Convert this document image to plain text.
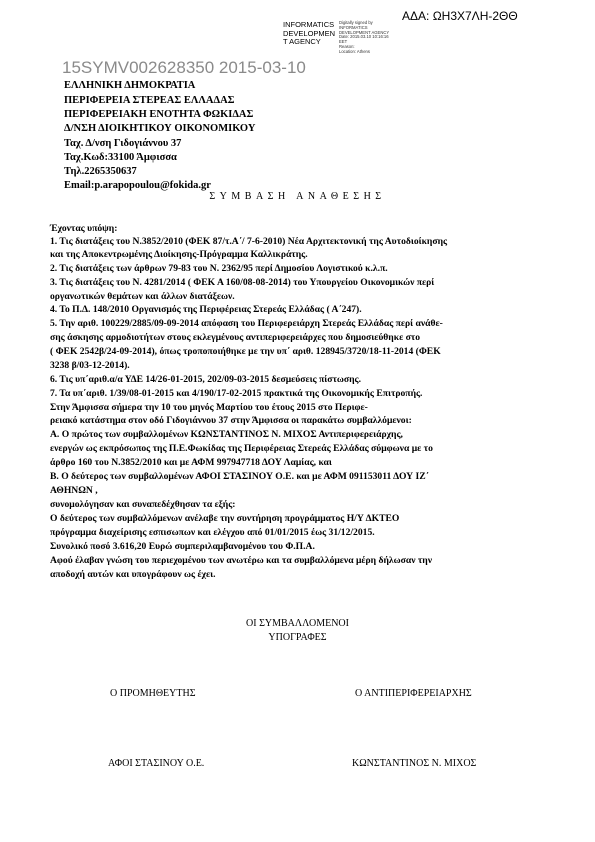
ΑΔΑ: ΩΗ3Χ7ΛΗ-2ΘΘ
INFORMATICS
DEVELOPMEN
T AGENCY
Digitally signed by
INFORMATICS
DEVELOPMENT AGENCY
Date: 2015.03.10 10:16:16
EET
Reason:
Location: Athens
15SYMV002628350 2015-03-10
ΕΛΛΗΝΙΚΗ ΔΗΜΟΚΡΑΤΙΑ
ΠΕΡΙΦΕΡΕΙΑ ΣΤΕΡΕΑΣ ΕΛΛΑΔΑΣ
ΠΕΡΙΦΕΡΕΙΑΚΗ ΕΝΟΤΗΤΑ ΦΩΚΙΔΑΣ
Δ/ΝΣΗ ΔΙΟΙΚΗΤΙΚΟΥ ΟΙΚΟΝΟΜΙΚΟΥ
Ταχ. Δ/νση Γιδογιάννου 37
Ταχ.Κωδ:33100 Άμφισσα
Τηλ.2265350637
Email:p.arapopoulou@fokida.gr
ΣΥΜΒΑΣΗ ΑΝΑΘΕΣΗΣ
Έχοντας υπόψη:
1. Τις διατάξεις του Ν.3852/2010 (ΦΕΚ 87/τ.Α΄/ 7-6-2010) Νέα Αρχιτεκτονική της Αυτοδιοίκησης
και της Αποκεντρωμένης Διοίκησης-Πρόγραμμα Καλλικράτης.
2. Τις διατάξεις των άρθρων 79-83 του Ν. 2362/95 περί Δημοσίου Λογιστικού κ.λ.π.
3. Τις διατάξεις του Ν. 4281/2014 ( ΦΕΚ Α 160/08-08-2014) του Υπουργείου Οικονομικών περί
οργανωτικών θεμάτων και άλλων διατάξεων.
4. Το Π.Δ. 148/2010 Οργανισμός της Περιφέρειας Στερεάς Ελλάδας ( Α΄247).
5. Την αριθ. 100229/2885/09-09-2014 απόφαση του Περιφερειάρχη Στερεάς Ελλάδας περί ανάθε-
σης άσκησης αρμοδιοτήτων στους εκλεγμένους αντιπεριφερειάρχες που δημοσιεύθηκε στο
( ΦΕΚ 2542β/24-09-2014), όπως τροποποιήθηκε με την υπ΄ αριθ. 128945/3720/18-11-2014 (ΦΕΚ
3238 β/03-12-2014).
6. Τις υπ΄αριθ.α/α ΥΔΕ 14/26-01-2015, 202/09-03-2015 δεσμεύσεις πίστωσης.
7. Τα υπ΄αριθ. 1/39/08-01-2015 και 4/190/17-02-2015 πρακτικά της Οικονομικής Επιτροπής.
Στην Άμφισσα σήμερα την 10 του μηνός Μαρτίου του έτους 2015 στο Περιφε-
ρειακό κατάστημα στον οδό Γιδογιάννου 37 στην Άμφισσα οι παρακάτω συμβαλλόμενοι:
Α. Ο πρώτος των συμβαλλομένων ΚΩΝΣΤΑΝΤΙΝΟΣ Ν. ΜΙΧΟΣ Αντιπεριφερειάρχης,
ενεργών ως εκπρόσωπος της Π.Ε.Φωκίδας της Περιφέρειας Στερεάς Ελλάδας σύμφωνα με το
άρθρο 160 του Ν.3852/2010 και με ΑΦΜ 997947718 ΔΟΥ Λαμίας, και
Β. Ο δεύτερος των συμβαλλομένων ΑΦΟΙ ΣΤΑΣΙΝΟΥ Ο.Ε. και με ΑΦΜ 091153011 ΔΟΥ ΙΖ΄
ΑΘΗΝΩΝ ,
συνομολόγησαν και συναπεδέχθησαν τα εξής:
Ο δεύτερος των συμβαλλόμενων ανέλαβε την συντήρηση προγράμματος Η/Υ ΔΚΤΕΟ
πρόγραμμα διαχείρισης εσπισωπων και ελέγχου από 01/01/2015 έως 31/12/2015.
Συνολικό ποσό 3.616,20 Ευρώ συμπεριλαμβανομένου του Φ.Π.Α.
Αφού έλαβαν γνώση του περιεχομένου των ανωτέρω και τα συμβαλλόμενα μέρη δήλωσαν την
αποδοχή αυτών και υπογράφουν ως έχει.
ΟΙ ΣΥΜΒΑΛΛΟΜΕΝΟΙ
ΥΠΟΓΡΑΦΕΣ
Ο ΠΡΟΜΗΘΕΥΤΗΣ	Ο ΑΝΤΙΠΕΡΙΦΕΡΕΙΑΡΧΗΣ
ΑΦΟΙ ΣΤΑΣΙΝΟΥ Ο.Ε.	ΚΩΝΣΤΑΝΤΙΝΟΣ Ν. ΜΙΧΟΣ
